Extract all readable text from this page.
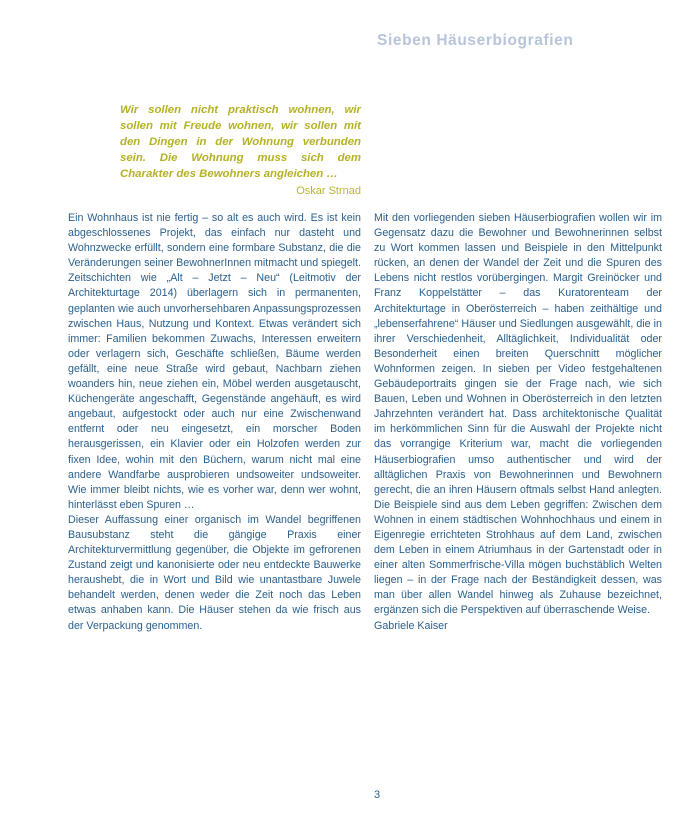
Sieben Häuserbiografien

Wir sollen nicht praktisch wohnen, wir sollen mit Freude wohnen, wir sollen mit den Dingen in der Wohnung verbunden sein. Die Wohnung muss sich dem Charakter des Bewohners angleichen …

Oskar Strnad

Ein Wohnhaus ist nie fertig – so alt es auch wird. Es ist kein abgeschlossenes Projekt, das einfach nur dasteht und Wohnzwecke erfüllt, sondern eine formbare Substanz, die die Veränderungen seiner BewohnerInnen mitmacht und spiegelt. Zeitschichten wie „Alt – Jetzt – Neu“ (Leitmotiv der Architekturtage 2014) überlagern sich in permanenten, geplanten wie auch unvorhersehbaren Anpassungsprozessen zwischen Haus, Nutzung und Kontext. Etwas verändert sich immer: Familien bekommen Zuwachs, Interessen erweitern oder verlagern sich, Geschäfte schließen, Bäume werden gefällt, eine neue Straße wird gebaut, Nachbarn ziehen woanders hin, neue ziehen ein, Möbel werden ausgetauscht, Küchengeräte angeschafft, Gegenstände angehäuft, es wird angebaut, aufgestockt oder auch nur eine Zwischenwand entfernt oder neu eingesetzt, ein morscher Boden herausgerissen, ein Klavier oder ein Holzofen werden zur fixen Idee, wohin mit den Büchern, warum nicht mal eine andere Wandfarbe ausprobieren undsoweiter undsoweiter. Wie immer bleibt nichts, wie es vorher war, denn wer wohnt, hinterlässt eben Spuren …

Dieser Auffassung einer organisch im Wandel begriffenen Bausubstanz steht die gängige Praxis einer Architekturvermittlung gegenüber, die Objekte im gefrorenen Zustand zeigt und kanonisierte oder neu entdeckte Bauwerke heraushebt, die in Wort und Bild wie unantastbare Juwele behandelt werden, denen weder die Zeit noch das Leben etwas anhaben kann. Die Häuser stehen da wie frisch aus der Verpackung genommen.

Mit den vorliegenden sieben Häuserbiografien wollen wir im Gegensatz dazu die Bewohner und Bewohnerinnen selbst zu Wort kommen lassen und Beispiele in den Mittelpunkt rücken, an denen der Wandel der Zeit und die Spuren des Lebens nicht restlos vorübergingen. Margit Greinöcker und Franz Koppelstätter – das Kuratorenteam der Architekturtage in Oberösterreich – haben zeithältige und „lebenserfahrene“ Häuser und Siedlungen ausgewählt, die in ihrer Verschiedenheit, Alltäglichkeit, Individualität oder Besonderheit einen breiten Querschnitt möglicher Wohnformen zeigen. In sieben per Video festgehaltenen Gebäudeportraits gingen sie der Frage nach, wie sich Bauen, Leben und Wohnen in Oberösterreich in den letzten Jahrzehnten verändert hat. Dass architektonische Qualität im herkömmlichen Sinn für die Auswahl der Projekte nicht das vorrangige Kriterium war, macht die vorliegenden Häuserbiografien umso authentischer und wird der alltäglichen Praxis von Bewohnerinnen und Bewohnern gerecht, die an ihren Häusern oftmals selbst Hand anlegten. Die Beispiele sind aus dem Leben gegriffen: Zwischen dem Wohnen in einem städtischen Wohnhochhaus und einem in Eigenregie errichteten Strohhaus auf dem Land, zwischen dem Leben in einem Atriumhaus in der Gartenstadt oder in einer alten Sommerfrische-Villa mögen buchstäblich Welten liegen – in der Frage nach der Beständigkeit dessen, was man über allen Wandel hinweg als Zuhause bezeichnet, ergänzen sich die Perspektiven auf überraschende Weise.

Gabriele Kaiser

3
